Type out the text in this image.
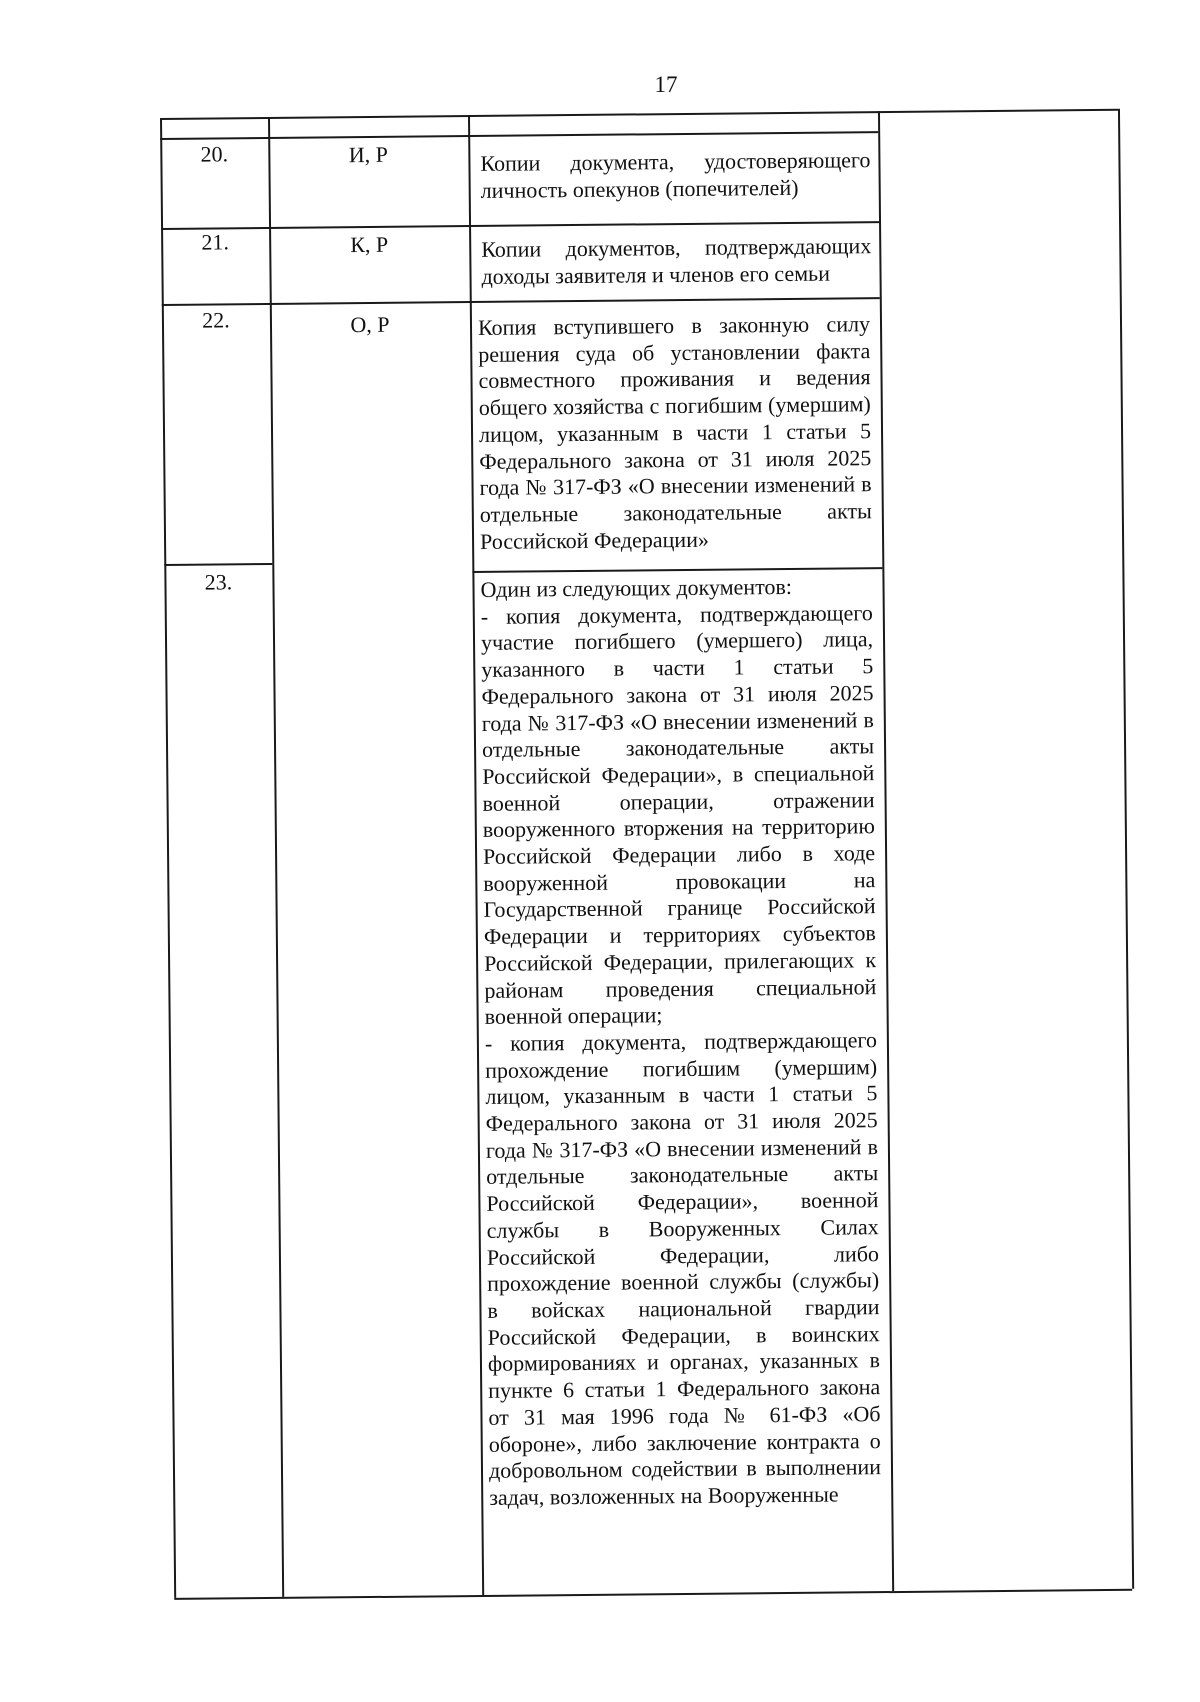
17
20.	И, Р	Копии документа, удостоверяющего личность опекунов (попечителей)
21.	К, Р	Копии документов, подтверждающих доходы заявителя и членов его семьи
22.	О, Р	Копия вступившего в законную силу решения суда об установлении факта совместного проживания и ведения общего хозяйства с погибшим (умершим) лицом, указанным в части 1 статьи 5 Федерального закона от 31 июля 2025 года № 317-ФЗ «О внесении изменений в отдельные законодательные акты Российской Федерации»
23.	Один из следующих документов:
- копия документа, подтверждающего участие погибшего (умершего) лица, указанного в части 1 статьи 5 Федерального закона от 31 июля 2025 года № 317-ФЗ «О внесении изменений в отдельные законодательные акты Российской Федерации», в специальной военной операции, отражении вооруженного вторжения на территорию Российской Федерации либо в ходе вооруженной провокации на Государственной границе Российской Федерации и территориях субъектов Российской Федерации, прилегающих к районам проведения специальной военной операции;
- копия документа, подтверждающего прохождение погибшим (умершим) лицом, указанным в части 1 статьи 5 Федерального закона от 31 июля 2025 года № 317-ФЗ «О внесении изменений в отдельные законодательные акты Российской Федерации», военной службы в Вооруженных Силах Российской Федерации, либо прохождение военной службы (службы) в войсках национальной гвардии Российской Федерации, в воинских формированиях и органах, указанных в пункте 6 статьи 1 Федерального закона от 31 мая 1996 года № 61-ФЗ «Об обороне», либо заключение контракта о добровольном содействии в выполнении задач, возложенных на Вооруженные
